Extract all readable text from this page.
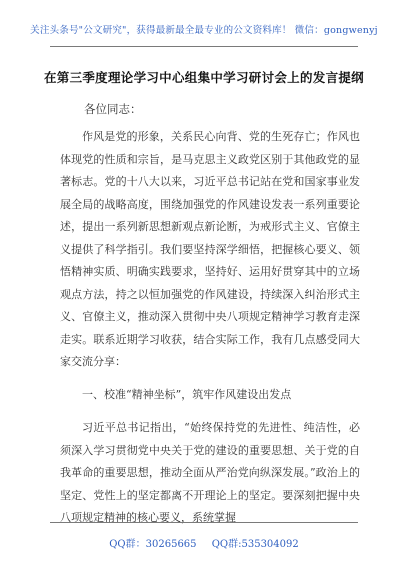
关注头条号"公文研究"，获得最新最全最专业的公文资料库！ 微信：gongwenyj
在第三季度理论学习中心组集中学习研讨会上的发言提纲
各位同志：

作风是党的形象，关系民心向背、党的生死存亡；作风也体现党的性质和宗旨，是马克思主义政党区别于其他政党的显著标志。党的十八大以来，习近平总书记站在党和国家事业发展全局的战略高度，围绕加强党的作风建设发表一系列重要论述，提出一系列新思想新观点新论断，为戒形式主义、官僚主义提供了科学指引。我们要坚持深学细悟，把握核心要义、领悟精神实质、明确实践要求，坚持好、运用好贯穿其中的立场观点方法，持之以恒加强党的作风建设，持续深入纠治形式主义、官僚主义，推动深入贯彻中央八项规定精神学习教育走深走实。联系近期学习收获，结合实际工作，我有几点感受同大家交流分享：

一、校准“精神坐标”，筑牢作风建设出发点

习近平总书记指出，“始终保持党的先进性、纯洁性，必须深入学习贯彻党中央关于党的建设的重要思想、关于党的自我革命的重要思想，推动全面从严治党向纵深发展。”政治上的坚定、党性上的坚定都离不开理论上的坚定。要深刻把握中央八项规定精神的核心要义，系统掌握

QQ群：30265665 QQ群:535304092
